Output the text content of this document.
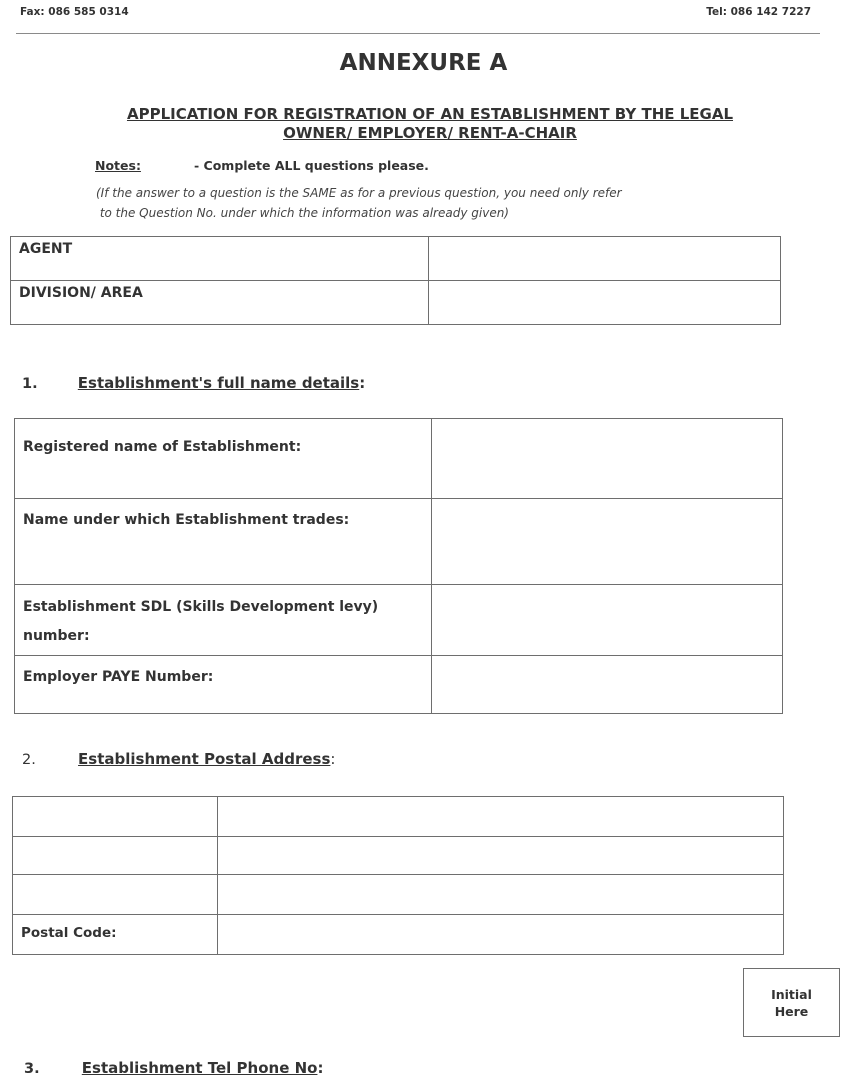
Fax: 086 585 0314	Tel: 086 142 7227
ANNEXURE A
APPLICATION FOR REGISTRATION OF AN ESTABLISHMENT BY THE LEGAL
OWNER/ EMPLOYER/ RENT-A-CHAIR
Notes:	- Complete ALL questions please.
(If the answer to a question is the SAME as for a previous question, you need only refer
to the Question No. under which the information was already given)
AGENT	
DIVISION/ AREA	
1.	Establishment's full name details:
Registered name of Establishment:	
Name under which Establishment trades:	
Establishment SDL (Skills Development levy) number:	
Employer PAYE Number:	
2.	Establishment Postal Address:

Postal Code:	
Initial
Here
3.	Establishment Tel Phone No:
